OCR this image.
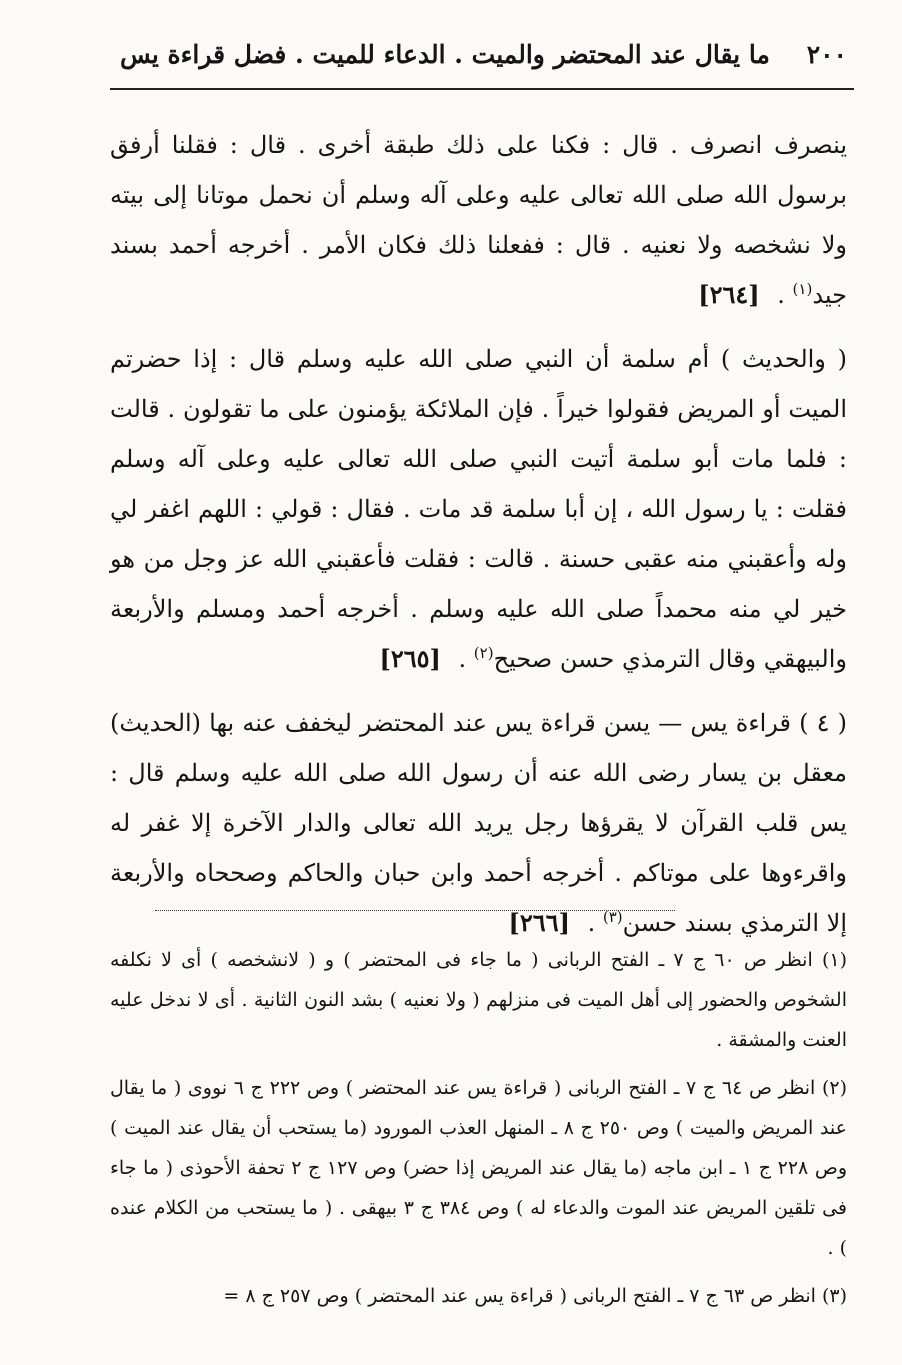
٢٠٠
ما يقال عند المحتضر والميت . الدعاء للميت . فضل قراءة يس

ينصرف انصرف . قال : فكنا على ذلك طبقة أخرى . قال : فقلنا أرفق برسول الله صلى الله تعالى عليه وعلى آله وسلم أن نحمل موتانا إلى بيته ولا نشخصه ولا نعنيه . قال : ففعلنا ذلك فكان الأمر . أخرجه أحمد بسند جيد$^{(١)}$ . [٢٦٤]

( والحديث ) أم سلمة أن النبي صلى الله عليه وسلم قال : إذا حضرتم الميت أو المريض فقولوا خيراً . فإن الملائكة يؤمنون على ما تقولون . قالت : فلما مات أبو سلمة أتيت النبي صلى الله تعالى عليه وعلى آله وسلم فقلت : يا رسول الله ، إن أبا سلمة قد مات . فقال : قولي : اللهم اغفر لي وله وأعقبني منه عقبى حسنة . قالت : فقلت فأعقبني الله عز وجل من هو خير لي منه محمداً صلى الله عليه وسلم . أخرجه أحمد ومسلم والأربعة والبيهقي وقال الترمذي حسن صحيح$^{(٢)}$ . [٢٦٥]

( ٤ ) قراءة يس — يسن قراءة يس عند المحتضر ليخفف عنه بها (الحديث) معقل بن يسار رضى الله عنه أن رسول الله صلى الله عليه وسلم قال : يس قلب القرآن لا يقرؤها رجل يريد الله تعالى والدار الآخرة إلا غفر له واقرءوها على موتاكم . أخرجه أحمد وابن حبان والحاكم وصححاه والأربعة إلا الترمذي بسند حسن$^{(٣)}$ . [٢٦٦]

(١) انظر ص ٦٠ ج ٧ ـ الفتح الربانى ( ما جاء فى المحتضر ) و ( لانشخصه ) أى لا نكلفه الشخوص والحضور إلى أهل الميت فى منزلهم ( ولا نعنيه ) بشد النون الثانية . أى لا ندخل عليه العنت والمشقة .

(٢) انظر ص ٦٤ ج ٧ ـ الفتح الربانى ( قراءة يس عند المحتضر ) وص ٢٢٢ ج ٦ نووى ( ما يقال عند المريض والميت ) وص ٢٥٠ ج ٨ ـ المنهل العذب المورود (ما يستحب أن يقال عند الميت ) وص ٢٢٨ ج ١ ـ ابن ماجه (ما يقال عند المريض إذا حضر) وص ١٢٧ ج ٢ تحفة الأحوذى ( ما جاء فى تلقين المريض عند الموت والدعاء له ) وص ٣٨٤ ج ٣ بيهقى . ( ما يستحب من الكلام عنده ) .

(٣) انظر ص ٦٣ ج ٧ ـ الفتح الربانى ( قراءة يس عند المحتضر ) وص ٢٥٧ ج ٨ =
